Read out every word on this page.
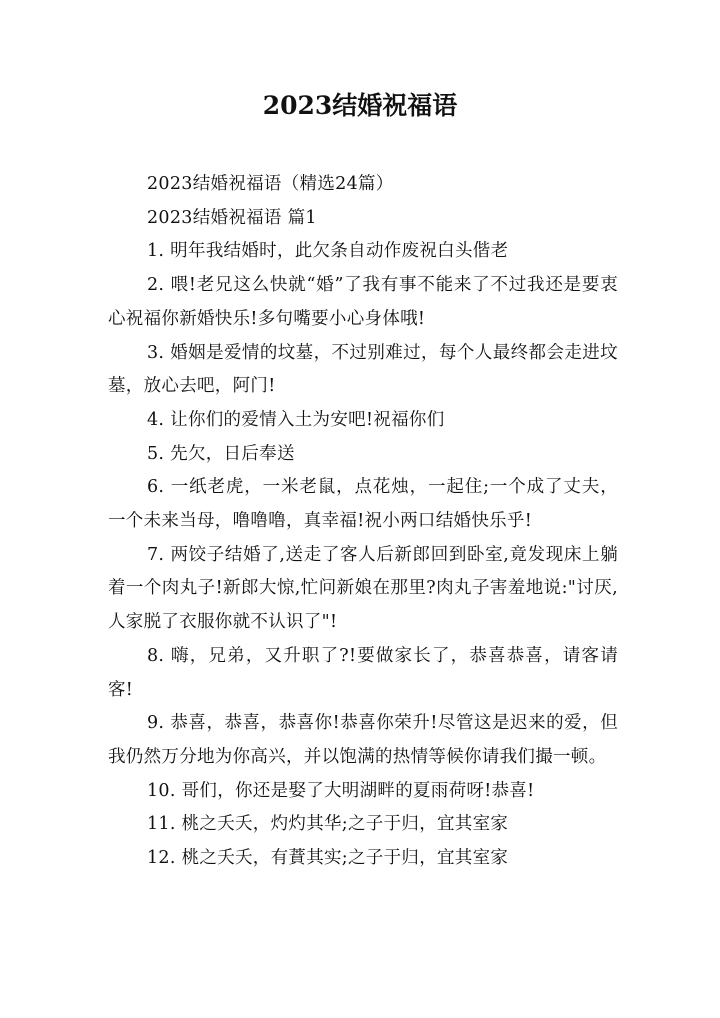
2023结婚祝福语

2023结婚祝福语（精选24篇）

2023结婚祝福语 篇1

1. 明年我结婚时，此欠条自动作废祝白头偕老

2. 喂!老兄这么快就“婚”了我有事不能来了不过我还是要衷心祝福你新婚快乐!多句嘴要小心身体哦!

3. 婚姻是爱情的坟墓，不过别难过，每个人最终都会走进坟墓，放心去吧，阿门!

4. 让你们的爱情入土为安吧!祝福你们

5. 先欠，日后奉送

6. 一纸老虎，一米老鼠，点花烛，一起住;一个成了丈夫，一个未来当母，噜噜噜，真幸福!祝小两口结婚快乐乎!

7. 两饺子结婚了,送走了客人后新郎回到卧室,竟发现床上躺着一个肉丸子!新郎大惊,忙问新娘在那里?肉丸子害羞地说:"讨厌,人家脱了衣服你就不认识了"!

8. 嗨，兄弟，又升职了?!要做家长了，恭喜恭喜，请客请客!

9. 恭喜，恭喜，恭喜你!恭喜你荣升!尽管这是迟来的爱，但我仍然万分地为你高兴，并以饱满的热情等候你请我们撮一顿。

10. 哥们，你还是娶了大明湖畔的夏雨荷呀!恭喜!

11. 桃之夭夭，灼灼其华;之子于归，宜其室家

12. 桃之夭夭，有蕡其实;之子于归，宜其室家
